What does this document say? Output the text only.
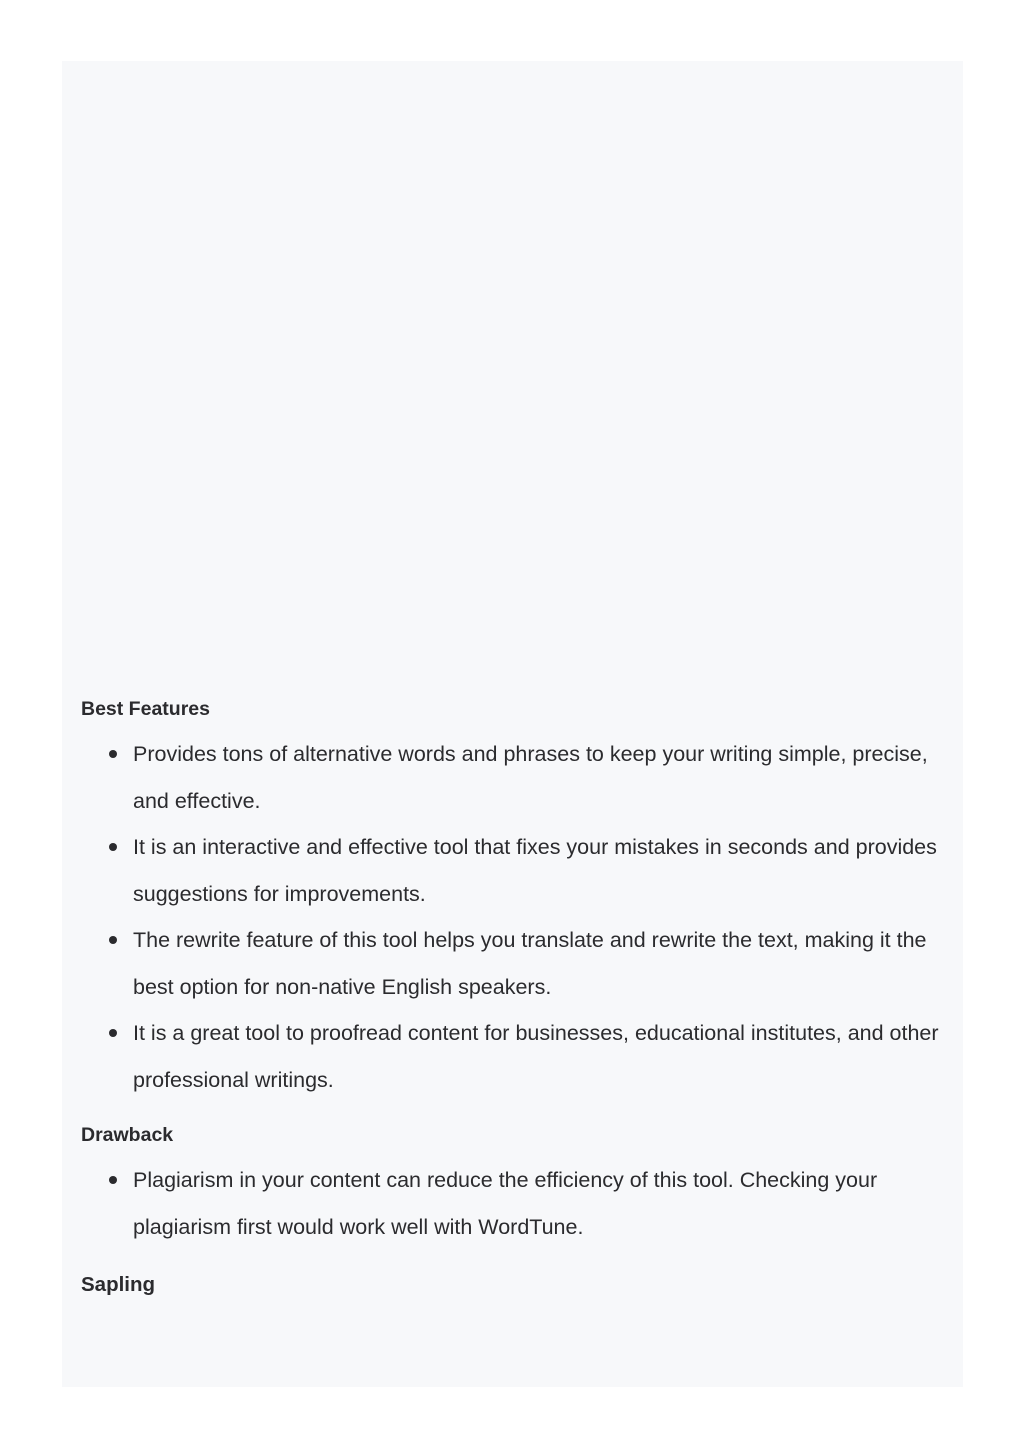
Best Features
Provides tons of alternative words and phrases to keep your writing simple, precise, and effective.
It is an interactive and effective tool that fixes your mistakes in seconds and provides suggestions for improvements.
The rewrite feature of this tool helps you translate and rewrite the text, making it the best option for non-native English speakers.
It is a great tool to proofread content for businesses, educational institutes, and other professional writings.
Drawback
Plagiarism in your content can reduce the efficiency of this tool. Checking your plagiarism first would work well with WordTune.
Sapling
